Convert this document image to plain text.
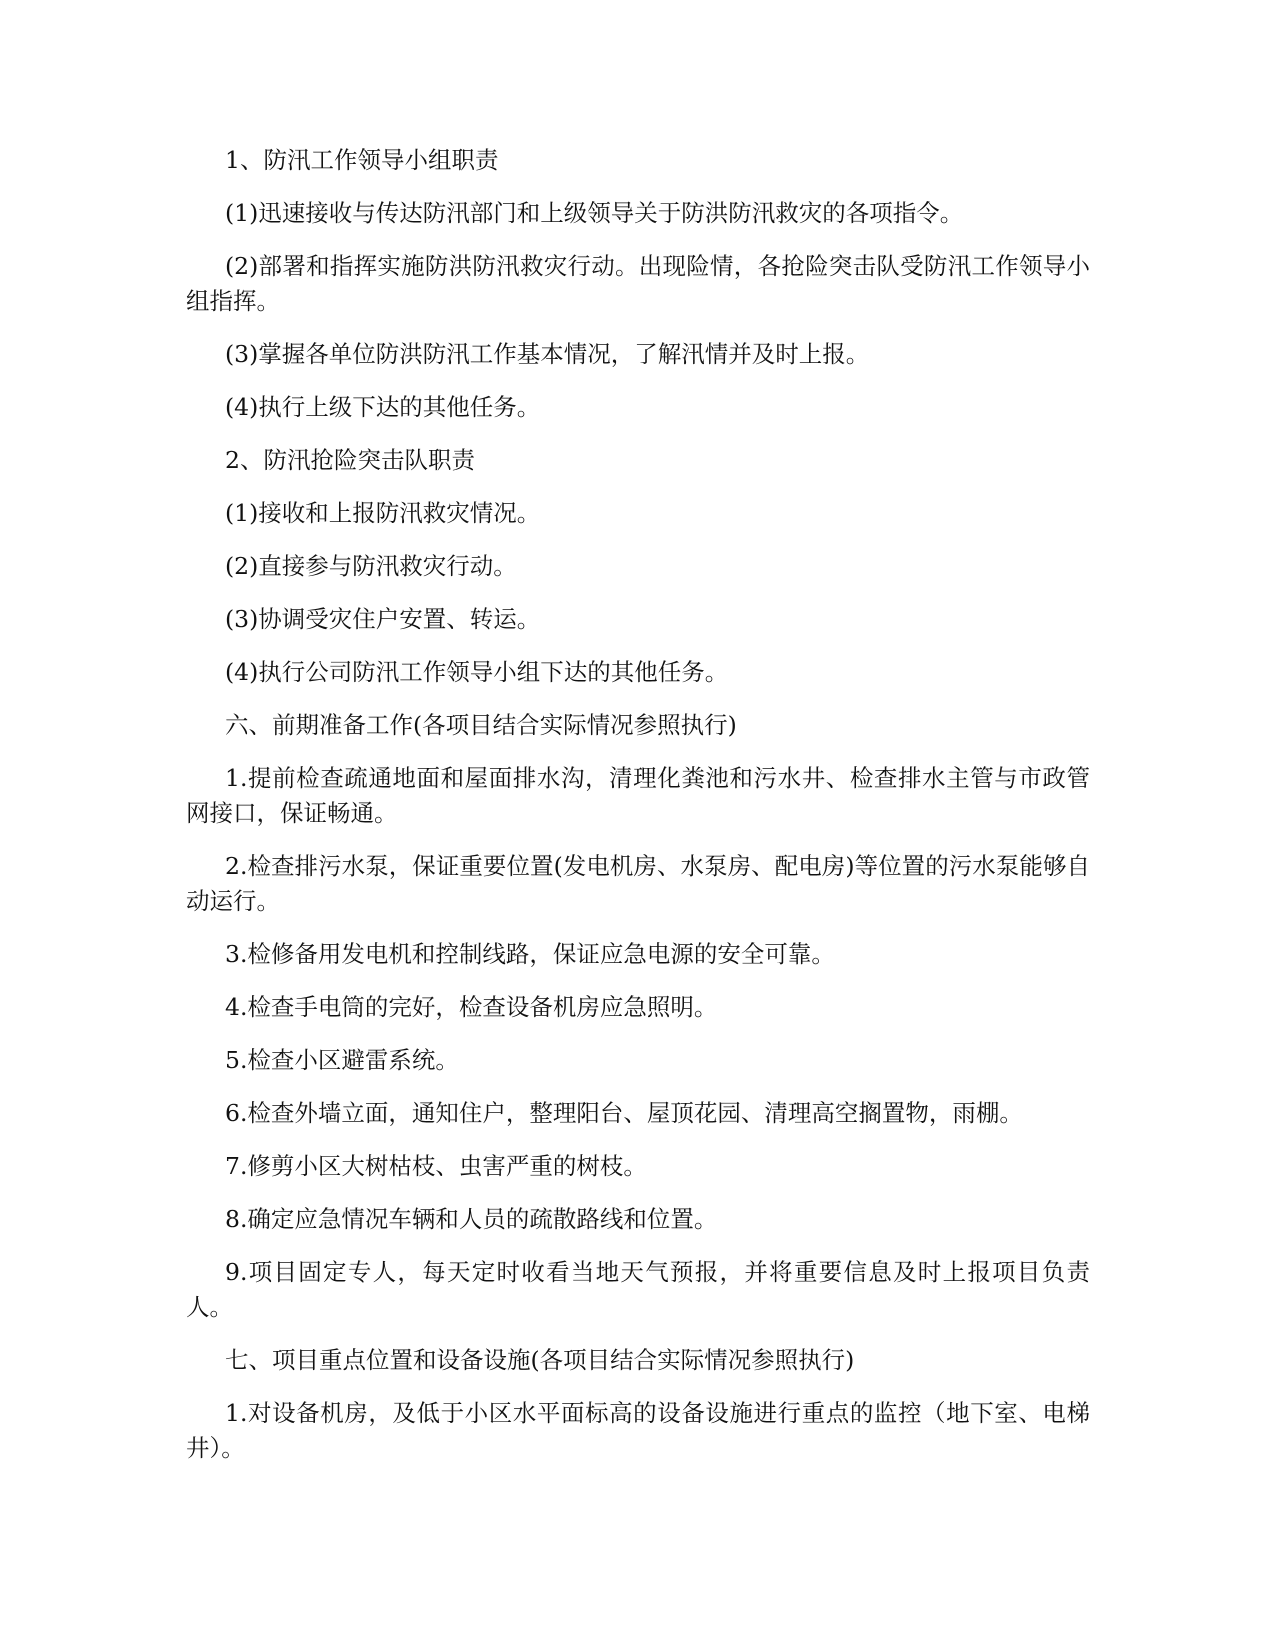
1、防汛工作领导小组职责

(1)迅速接收与传达防汛部门和上级领导关于防洪防汛救灾的各项指令。

(2)部署和指挥实施防洪防汛救灾行动。出现险情，各抢险突击队受防汛工作领导小组指挥。

(3)掌握各单位防洪防汛工作基本情况，了解汛情并及时上报。

(4)执行上级下达的其他任务。

2、防汛抢险突击队职责

(1)接收和上报防汛救灾情况。

(2)直接参与防汛救灾行动。

(3)协调受灾住户安置、转运。

(4)执行公司防汛工作领导小组下达的其他任务。

六、前期准备工作(各项目结合实际情况参照执行)

1.提前检查疏通地面和屋面排水沟，清理化粪池和污水井、检查排水主管与市政管网接口，保证畅通。

2.检查排污水泵，保证重要位置(发电机房、水泵房、配电房)等位置的污水泵能够自动运行。

3.检修备用发电机和控制线路，保证应急电源的安全可靠。

4.检查手电筒的完好，检查设备机房应急照明。

5.检查小区避雷系统。

6.检查外墙立面，通知住户，整理阳台、屋顶花园、清理高空搁置物，雨棚。

7.修剪小区大树枯枝、虫害严重的树枝。

8.确定应急情况车辆和人员的疏散路线和位置。

9.项目固定专人，每天定时收看当地天气预报，并将重要信息及时上报项目负责人。

七、项目重点位置和设备设施(各项目结合实际情况参照执行)

1.对设备机房，及低于小区水平面标高的设备设施进行重点的监控（地下室、电梯井）。
